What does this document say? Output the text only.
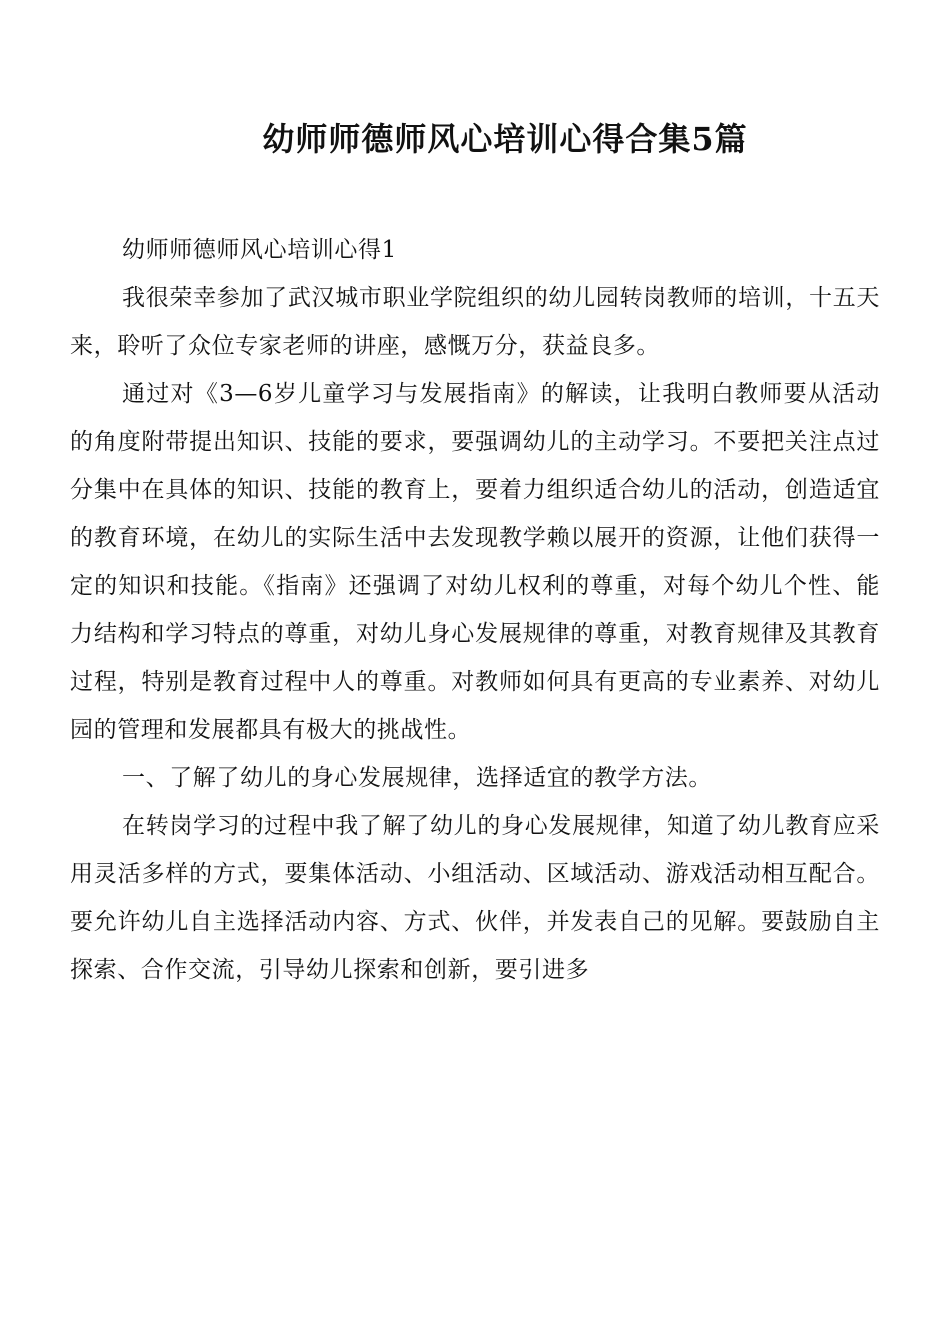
幼师师德师风心培训心得合集5篇

幼师师德师风心培训心得1

我很荣幸参加了武汉城市职业学院组织的幼儿园转岗教师的培训，十五天来，聆听了众位专家老师的讲座，感慨万分，获益良多。

通过对《3—6岁儿童学习与发展指南》的解读，让我明白教师要从活动的角度附带提出知识、技能的要求，要强调幼儿的主动学习。不要把关注点过分集中在具体的知识、技能的教育上，要着力组织适合幼儿的活动，创造适宜的教育环境，在幼儿的实际生活中去发现教学赖以展开的资源，让他们获得一定的知识和技能。《指南》还强调了对幼儿权利的尊重，对每个幼儿个性、能力结构和学习特点的尊重，对幼儿身心发展规律的尊重，对教育规律及其教育过程，特别是教育过程中人的尊重。对教师如何具有更高的专业素养、对幼儿园的管理和发展都具有极大的挑战性。

一、了解了幼儿的身心发展规律，选择适宜的教学方法。

在转岗学习的过程中我了解了幼儿的身心发展规律，知道了幼儿教育应采用灵活多样的方式，要集体活动、小组活动、区域活动、游戏活动相互配合。要允许幼儿自主选择活动内容、方式、伙伴，并发表自己的见解。要鼓励自主探索、合作交流，引导幼儿探索和创新，要引进多
